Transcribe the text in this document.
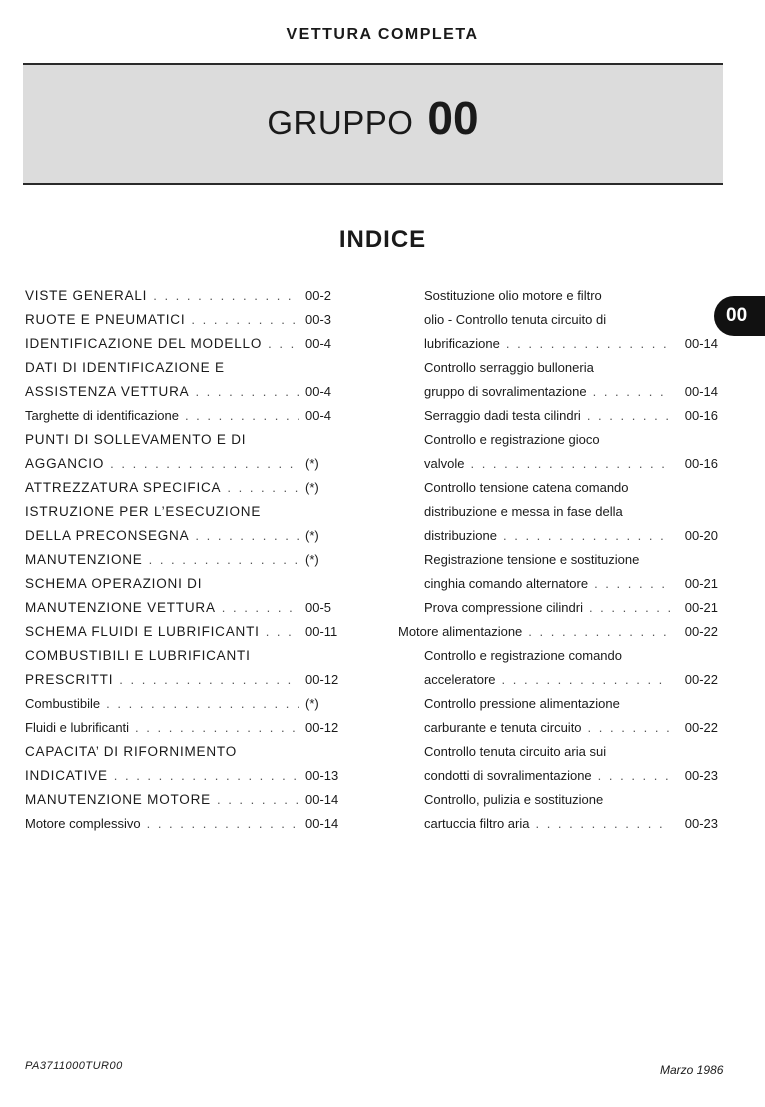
VETTURA COMPLETA
GRUPPO 00
INDICE
00
VISTE GENERALI . . .	00-2
RUOTE E PNEUMATICI . . .	00-3
IDENTIFICAZIONE DEL MODELLO . . .	00-4
DATI DI IDENTIFICAZIONE E
ASSISTENZA VETTURA . . .	00-4
Targhette di identificazione . . .	00-4
PUNTI DI SOLLEVAMENTO E DI
AGGANCIO . . .	(*)
ATTREZZATURA SPECIFICA . . .	(*)
ISTRUZIONE PER L’ESECUZIONE
DELLA PRECONSEGNA . . .	(*)
MANUTENZIONE . . .	(*)
SCHEMA OPERAZIONI DI
MANUTENZIONE VETTURA . . .	00-5
SCHEMA FLUIDI E LUBRIFICANTI . . .	00-11
COMBUSTIBILI E LUBRIFICANTI
PRESCRITTI . . .	00-12
Combustibile . . .	(*)
Fluidi e lubrificanti . . .	00-12
CAPACITA’ DI RIFORNIMENTO
INDICATIVE . . .	00-13
MANUTENZIONE MOTORE . . .	00-14
Motore complessivo . . .	00-14
Sostituzione olio motore e filtro
olio - Controllo tenuta circuito di
lubrificazione . . .	00-14
Controllo serraggio bulloneria
gruppo di sovralimentazione . . .	00-14
Serraggio dadi testa cilindri . . .	00-16
Controllo e registrazione gioco
valvole . . .	00-16
Controllo tensione catena comando
distribuzione e messa in fase della
distribuzione . . .	00-20
Registrazione tensione e sostituzione
cinghia comando alternatore . . .	00-21
Prova compressione cilindri . . .	00-21
Motore alimentazione . . .	00-22
Controllo e registrazione comando
acceleratore . . .	00-22
Controllo pressione alimentazione
carburante e tenuta circuito . . .	00-22
Controllo tenuta circuito aria sui
condotti di sovralimentazione . . .	00-23
Controllo, pulizia e sostituzione
cartuccia filtro aria . . .	00-23
PA3711000TUR00	Marzo 1986
